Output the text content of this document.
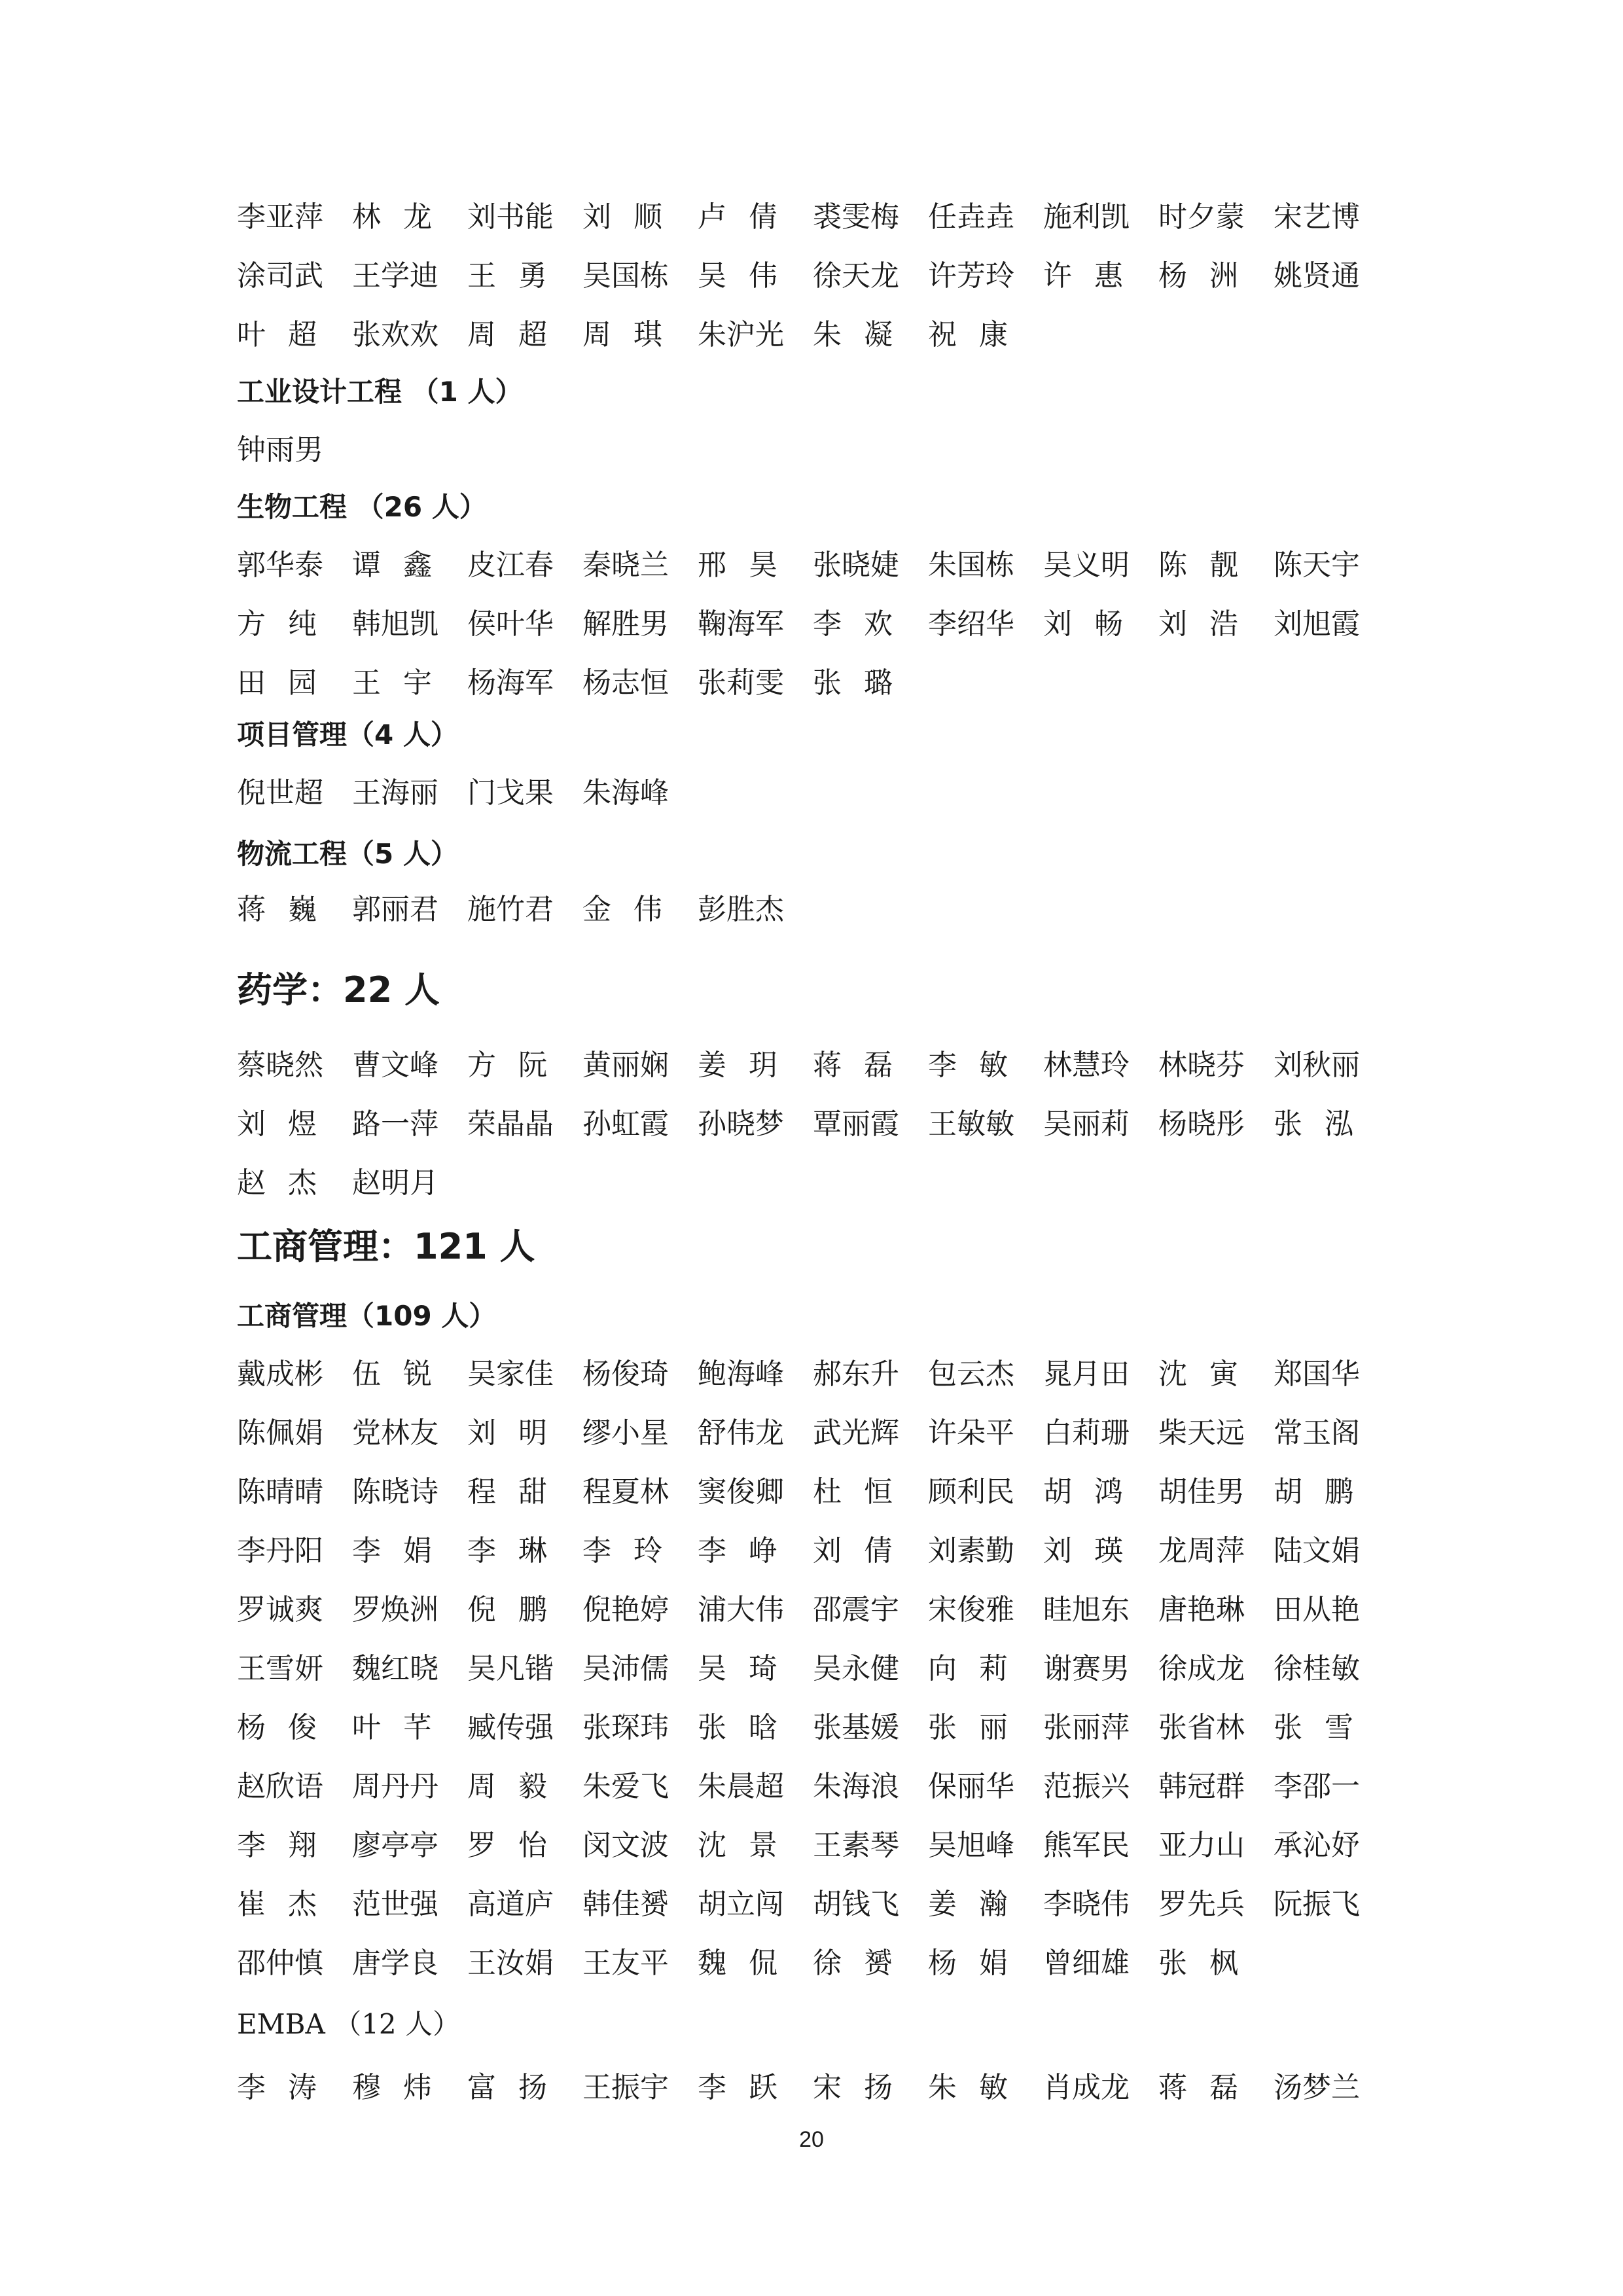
李亚萍	林 龙 刘书能	刘 顺 卢 倩 裘雯梅	任垚垚	施利凯	时夕蒙	宋艺博
涂司武	王学迪	王 勇 吴国栋	吴 伟 徐天龙	许芳玲	许 惠 杨 洲 姚贤通
叶 超 张欢欢	周 超 周 琪 朱沪光	朱 凝 祝 康
工业设计工程 （1 人）
钟雨男
生物工程 （26 人）
郭华泰	谭 鑫 皮江春	秦晓兰	邢 昊 张晓婕	朱国栋	吴义明	陈 靓 陈天宇
方 纯 韩旭凯	侯叶华	解胜男	鞠海军	李 欢 李绍华	刘 畅 刘 浩 刘旭霞
田 园 王 宇 杨海军	杨志恒	张莉雯	张 璐
项目管理（4 人）
倪世超	王海丽	门戈果	朱海峰
物流工程（5 人）
蒋 巍 郭丽君	施竹君	金 伟 彭胜杰
药学：22 人
蔡晓然	曹文峰	方 阮 黄丽娴	姜 玥 蒋 磊 李 敏 林慧玲	林晓芬	刘秋丽
刘 煜 路一萍	荣晶晶	孙虹霞	孙晓梦	覃丽霞	王敏敏	吴丽莉	杨晓彤	张 泓
赵 杰 赵明月
工商管理：121 人
工商管理（109 人）
戴成彬	伍 锐 吴家佳	杨俊琦	鲍海峰	郝东升	包云杰	晁月田	沈 寅 郑国华
陈佩娟	党林友	刘 明 缪小星	舒伟龙	武光辉	许朵平	白莉珊	柴天远	常玉阁
陈晴晴	陈晓诗	程 甜 程夏林	窦俊卿	杜 恒 顾利民	胡 鸿 胡佳男	胡 鹏
李丹阳	李 娟 李 琳 李 玲 李 峥 刘 倩 刘素勤	刘 瑛 龙周萍	陆文娟
罗诚爽	罗焕洲	倪 鹏 倪艳婷	浦大伟	邵震宇	宋俊雅	眭旭东	唐艳琳	田从艳
王雪妍	魏红晓	吴凡锴	吴沛儒	吴 琦 吴永健	向 莉 谢赛男	徐成龙	徐桂敏
杨 俊 叶 芊 臧传强	张琛玮	张 晗 张基媛	张 丽 张丽萍	张省林	张 雪
赵欣语	周丹丹	周 毅 朱爱飞	朱晨超	朱海浪	保丽华	范振兴	韩冠群	李邵一
李 翔 廖亭亭	罗 怡 闵文波	沈 景 王素琴	吴旭峰	熊军民	亚力山	承沁妤
崔 杰 范世强	高道庐	韩佳赟	胡立闯	胡钱飞	姜 瀚 李晓伟	罗先兵	阮振飞
邵仲慎	唐学良	王汝娟	王友平	魏 侃 徐 赟 杨 娟 曾细雄	张 枫
EMBA （12 人）
李 涛 穆 炜 富 扬 王振宇	李 跃 宋 扬 朱 敏 肖成龙	蒋 磊 汤梦兰
20
